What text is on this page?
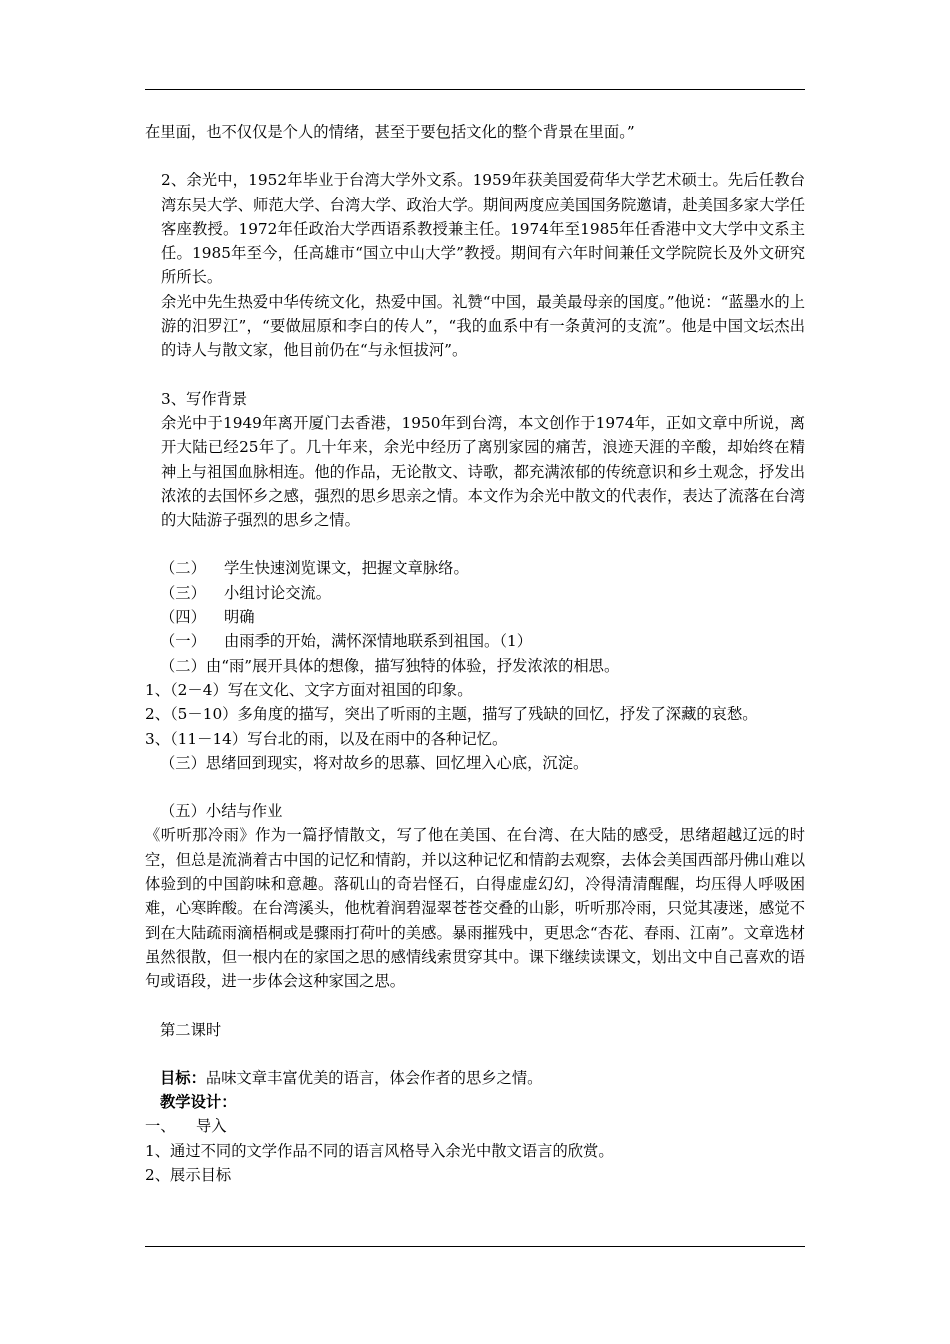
在里面，也不仅仅是个人的情绪，甚至于要包括文化的整个背景在里面。”

2、余光中，1952年毕业于台湾大学外文系。1959年获美国爱荷华大学艺术硕士。先后任教台湾东吴大学、师范大学、台湾大学、政治大学。期间两度应美国国务院邀请，赴美国多家大学任客座教授。1972年任政治大学西语系教授兼主任。1974年至1985年任香港中文大学中文系主任。1985年至今，任高雄市“国立中山大学”教授。期间有六年时间兼任文学院院长及外文研究所所长。

余光中先生热爱中华传统文化，热爱中国。礼赞“中国，最美最母亲的国度。”他说：“蓝墨水的上游的汨罗江”，“要做屈原和李白的传人”，“我的血系中有一条黄河的支流”。他是中国文坛杰出的诗人与散文家，他目前仍在“与永恒拔河”。

3、写作背景

余光中于1949年离开厦门去香港，1950年到台湾，本文创作于1974年，正如文章中所说，离开大陆已经25年了。几十年来，余光中经历了离别家园的痛苦，浪迹天涯的辛酸，却始终在精神上与祖国血脉相连。他的作品，无论散文、诗歌，都充满浓郁的传统意识和乡土观念，抒发出浓浓的去国怀乡之感，强烈的思乡思亲之情。本文作为余光中散文的代表作，表达了流落在台湾的大陆游子强烈的思乡之情。

（二） 学生快速浏览课文，把握文章脉络。

（三） 小组讨论交流。

（四） 明确

（一） 由雨季的开始，满怀深情地联系到祖国。（1）

（二）由“雨”展开具体的想像，描写独特的体验，抒发浓浓的相思。

1、（2－4）写在文化、文字方面对祖国的印象。

2、（5－10）多角度的描写，突出了听雨的主题，描写了残缺的回忆，抒发了深藏的哀愁。

3、（11－14）写台北的雨，以及在雨中的各种记忆。

（三）思绪回到现实，将对故乡的思慕、回忆埋入心底，沉淀。

（五）小结与作业

《听听那冷雨》作为一篇抒情散文，写了他在美国、在台湾、在大陆的感受，思绪超越辽远的时空，但总是流淌着古中国的记忆和情韵，并以这种记忆和情韵去观察，去体会美国西部丹佛山难以体验到的中国韵味和意趣。落矶山的奇岩怪石，白得虚虚幻幻，冷得清清醒醒，均压得人呼吸困难，心寒眸酸。在台湾溪头，他枕着润碧湿翠苍苍交叠的山影，听听那冷雨，只觉其凄迷，感觉不到在大陆疏雨滴梧桐或是骤雨打荷叶的美感。暴雨摧残中，更思念“杏花、春雨、江南”。文章选材虽然很散，但一根内在的家国之思的感情线索贯穿其中。课下继续读课文，划出文中自己喜欢的语句或语段，进一步体会这种家国之思。

第二课时

目标：品味文章丰富优美的语言，体会作者的思乡之情。

教学设计：

一、 导入

1、通过不同的文学作品不同的语言风格导入余光中散文语言的欣赏。

2、展示目标
